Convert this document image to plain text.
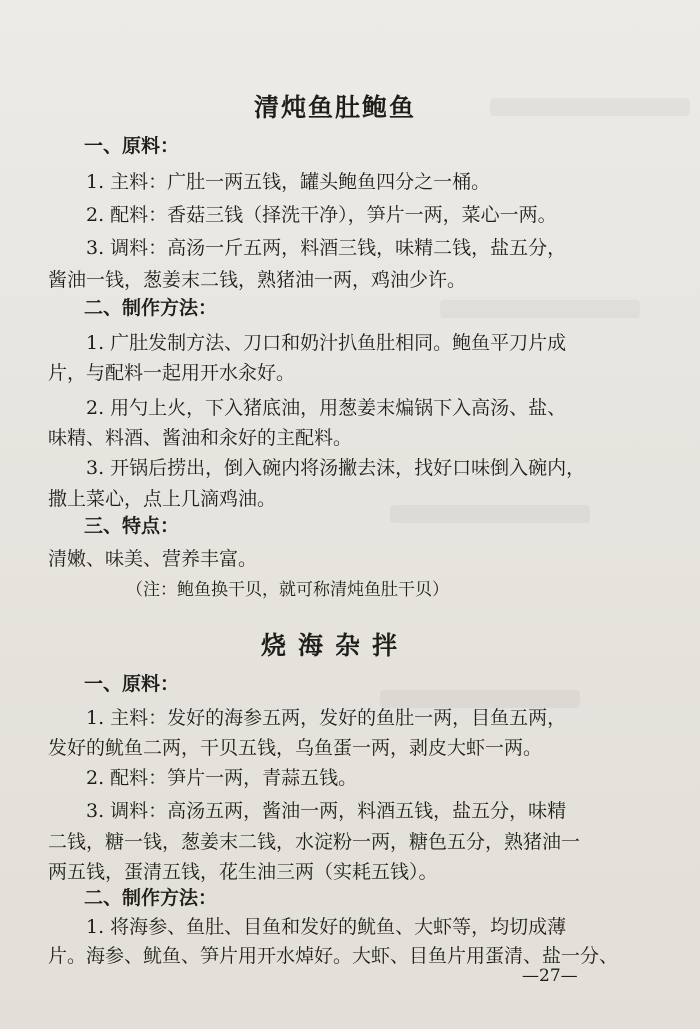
清炖鱼肚鲍鱼
一、原料：
1. 主料：广肚一两五钱，罐头鲍鱼四分之一桶。
2. 配料：香菇三钱（择洗干净），笋片一两，菜心一两。
3. 调料：高汤一斤五两，料酒三钱，味精二钱，盐五分，
酱油一钱，葱姜末二钱，熟猪油一两，鸡油少许。
二、制作方法：
1. 广肚发制方法、刀口和奶汁扒鱼肚相同。鲍鱼平刀片成
片，与配料一起用开水汆好。
2. 用勺上火，下入猪底油，用葱姜末煸锅下入高汤、盐、
味精、料酒、酱油和汆好的主配料。
3. 开锅后捞出，倒入碗内将汤撇去沫，找好口味倒入碗内，
撒上菜心，点上几滴鸡油。
三、特点：
清嫩、味美、营养丰富。
（注：鲍鱼换干贝，就可称清炖鱼肚干贝）
烧海杂拌
一、原料：
1. 主料：发好的海参五两，发好的鱼肚一两，目鱼五两，
发好的鱿鱼二两，干贝五钱，乌鱼蛋一两，剥皮大虾一两。
2. 配料：笋片一两，青蒜五钱。
3. 调料：高汤五两，酱油一两，料酒五钱，盐五分，味精
二钱，糖一钱，葱姜末二钱，水淀粉一两，糖色五分，熟猪油一
两五钱，蛋清五钱，花生油三两（实耗五钱）。
二、制作方法：
1. 将海参、鱼肚、目鱼和发好的鱿鱼、大虾等，均切成薄
片。海参、鱿鱼、笋片用开水焯好。大虾、目鱼片用蛋清、盐一分、
—27—
